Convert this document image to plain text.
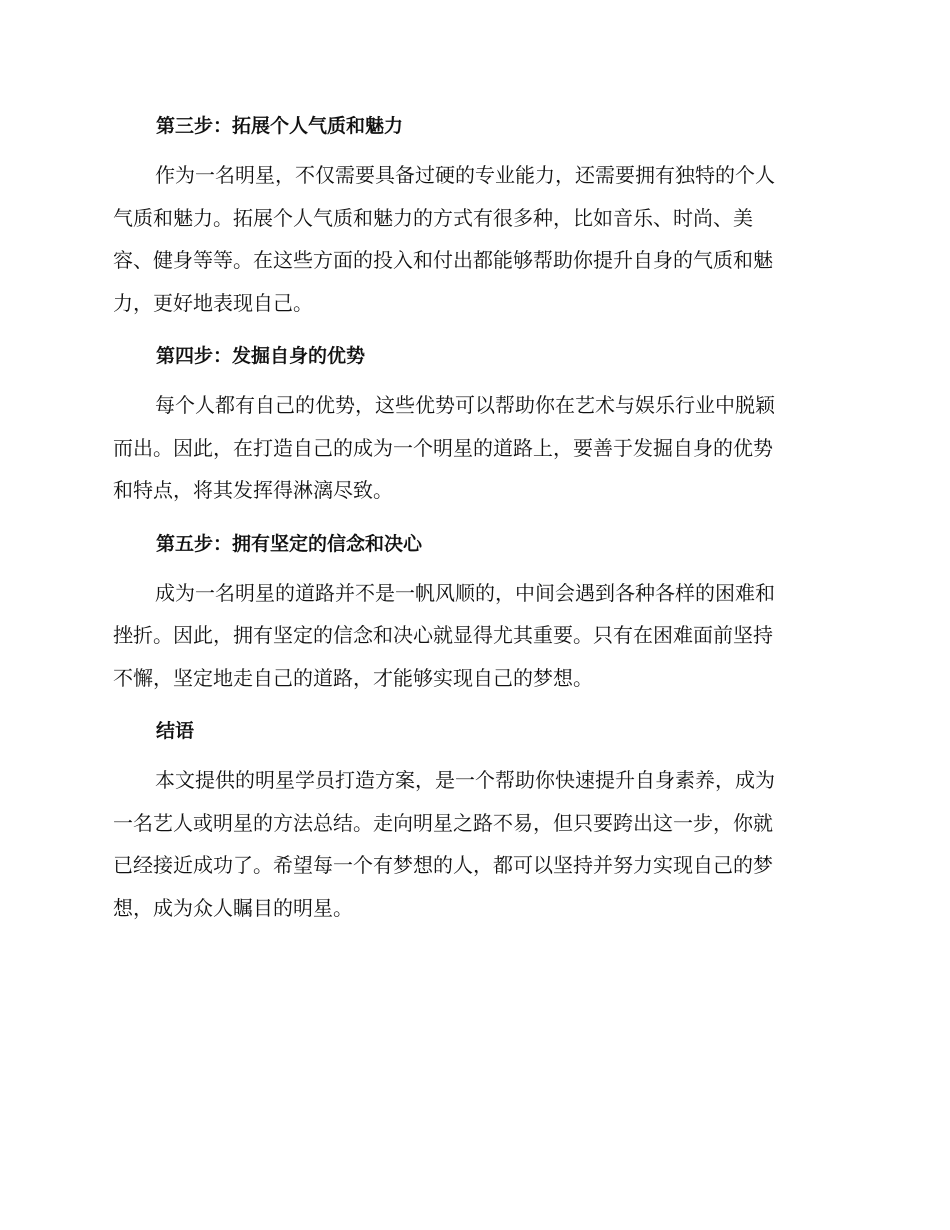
第三步：拓展个人气质和魅力
作为一名明星，不仅需要具备过硬的专业能力，还需要拥有独特的个人
气质和魅力。拓展个人气质和魅力的方式有很多种，比如音乐、时尚、美
容、健身等等。在这些方面的投入和付出都能够帮助你提升自身的气质和魅
力，更好地表现自己。
第四步：发掘自身的优势
每个人都有自己的优势，这些优势可以帮助你在艺术与娱乐行业中脱颖
而出。因此，在打造自己的成为一个明星的道路上，要善于发掘自身的优势
和特点，将其发挥得淋漓尽致。
第五步：拥有坚定的信念和决心
成为一名明星的道路并不是一帆风顺的，中间会遇到各种各样的困难和
挫折。因此，拥有坚定的信念和决心就显得尤其重要。只有在困难面前坚持
不懈，坚定地走自己的道路，才能够实现自己的梦想。
结语
本文提供的明星学员打造方案，是一个帮助你快速提升自身素养，成为
一名艺人或明星的方法总结。走向明星之路不易，但只要跨出这一步，你就
已经接近成功了。希望每一个有梦想的人，都可以坚持并努力实现自己的梦
想，成为众人瞩目的明星。
